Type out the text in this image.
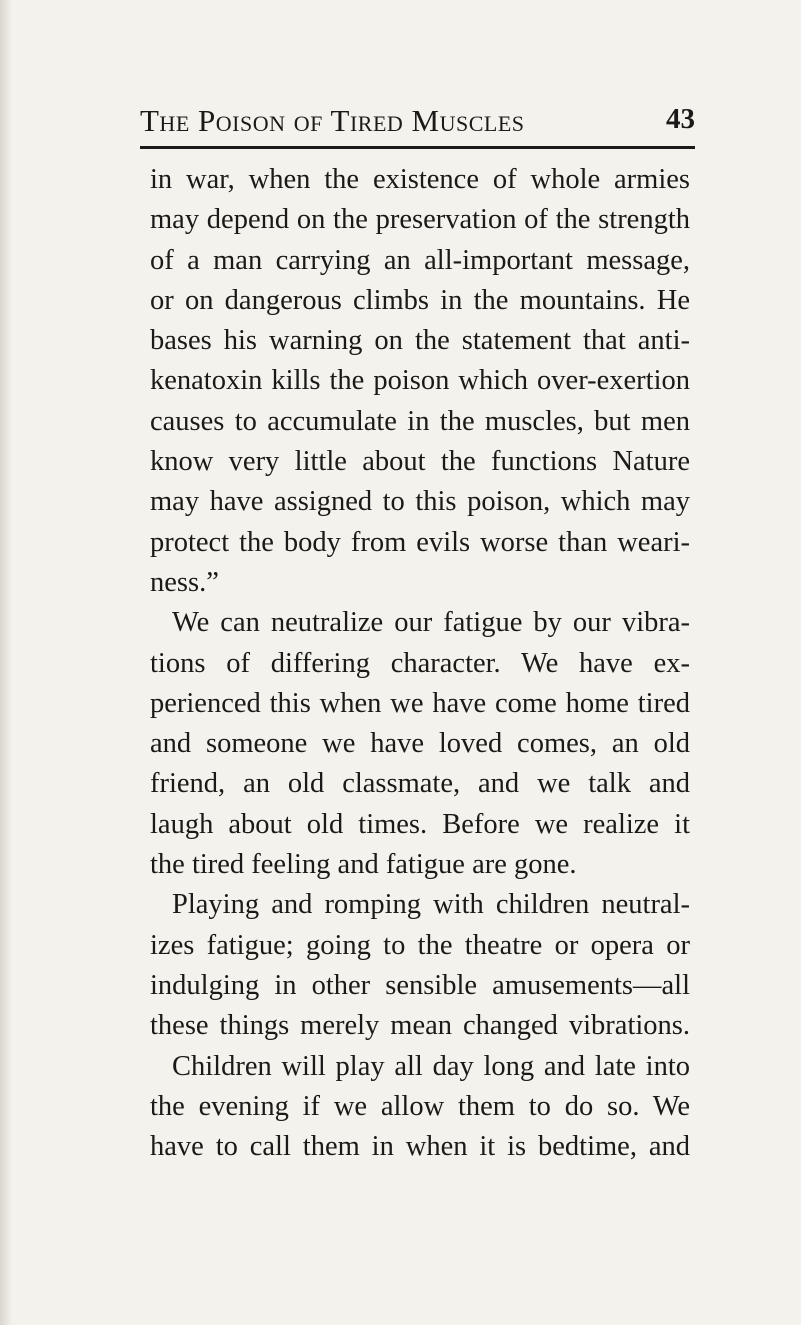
The Poison of Tired Muscles	43
in war, when the existence of whole armies
may depend on the preservation of the strength
of a man carrying an all-important message,
or on dangerous climbs in the mountains. He
bases his warning on the statement that anti-
kenatoxin kills the poison which over-exertion
causes to accumulate in the muscles, but men
know very little about the functions Nature
may have assigned to this poison, which may
protect the body from evils worse than weari-
ness.”
We can neutralize our fatigue by our vibra-
tions of differing character. We have ex-
perienced this when we have come home tired
and someone we have loved comes, an old
friend, an old classmate, and we talk and
laugh about old times. Before we realize it
the tired feeling and fatigue are gone.
Playing and romping with children neutral-
izes fatigue; going to the theatre or opera or
indulging in other sensible amusements—all
these things merely mean changed vibrations.
Children will play all day long and late into
the evening if we allow them to do so. We
have to call them in when it is bedtime, and
